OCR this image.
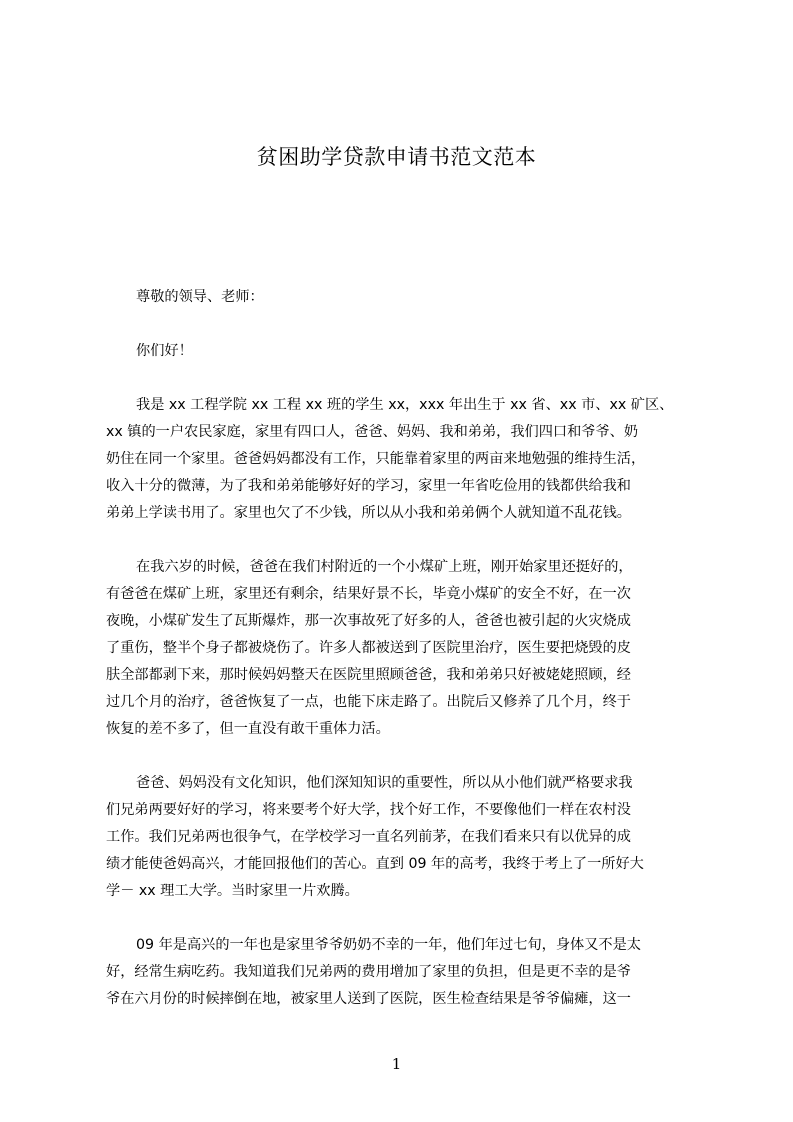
贫困助学贷款申请书范文范本
尊敬的领导、老师：
你们好！
我是 xx 工程学院 xx 工程 xx 班的学生 xx，xxx 年出生于 xx 省、xx 市、xx 矿区、
xx 镇的一户农民家庭，家里有四口人，爸爸、妈妈、我和弟弟，我们四口和爷爷、奶
奶住在同一个家里。爸爸妈妈都没有工作，只能靠着家里的两亩来地勉强的维持生活，
收入十分的微薄，为了我和弟弟能够好好的学习，家里一年省吃俭用的钱都供给我和
弟弟上学读书用了。家里也欠了不少钱，所以从小我和弟弟俩个人就知道不乱花钱。
在我六岁的时候，爸爸在我们村附近的一个小煤矿上班，刚开始家里还挺好的，
有爸爸在煤矿上班，家里还有剩余，结果好景不长，毕竟小煤矿的安全不好，在一次
夜晚，小煤矿发生了瓦斯爆炸，那一次事故死了好多的人，爸爸也被引起的火灾烧成
了重伤，整半个身子都被烧伤了。许多人都被送到了医院里治疗，医生要把烧毁的皮
肤全部都剥下来，那时候妈妈整天在医院里照顾爸爸，我和弟弟只好被姥姥照顾，经
过几个月的治疗，爸爸恢复了一点，也能下床走路了。出院后又修养了几个月，终于
恢复的差不多了，但一直没有敢干重体力活。
爸爸、妈妈没有文化知识，他们深知知识的重要性，所以从小他们就严格要求我
们兄弟两要好好的学习，将来要考个好大学，找个好工作，不要像他们一样在农村没
工作。我们兄弟两也很争气，在学校学习一直名列前茅，在我们看来只有以优异的成
绩才能使爸妈高兴，才能回报他们的苦心。直到 09 年的高考，我终于考上了一所好大
学－ xx 理工大学。当时家里一片欢腾。
09 年是高兴的一年也是家里爷爷奶奶不幸的一年，他们年过七旬，身体又不是太
好，经常生病吃药。我知道我们兄弟两的费用增加了家里的负担，但是更不幸的是爷
爷在六月份的时候摔倒在地，被家里人送到了医院，医生检查结果是爷爷偏瘫，这一
1
